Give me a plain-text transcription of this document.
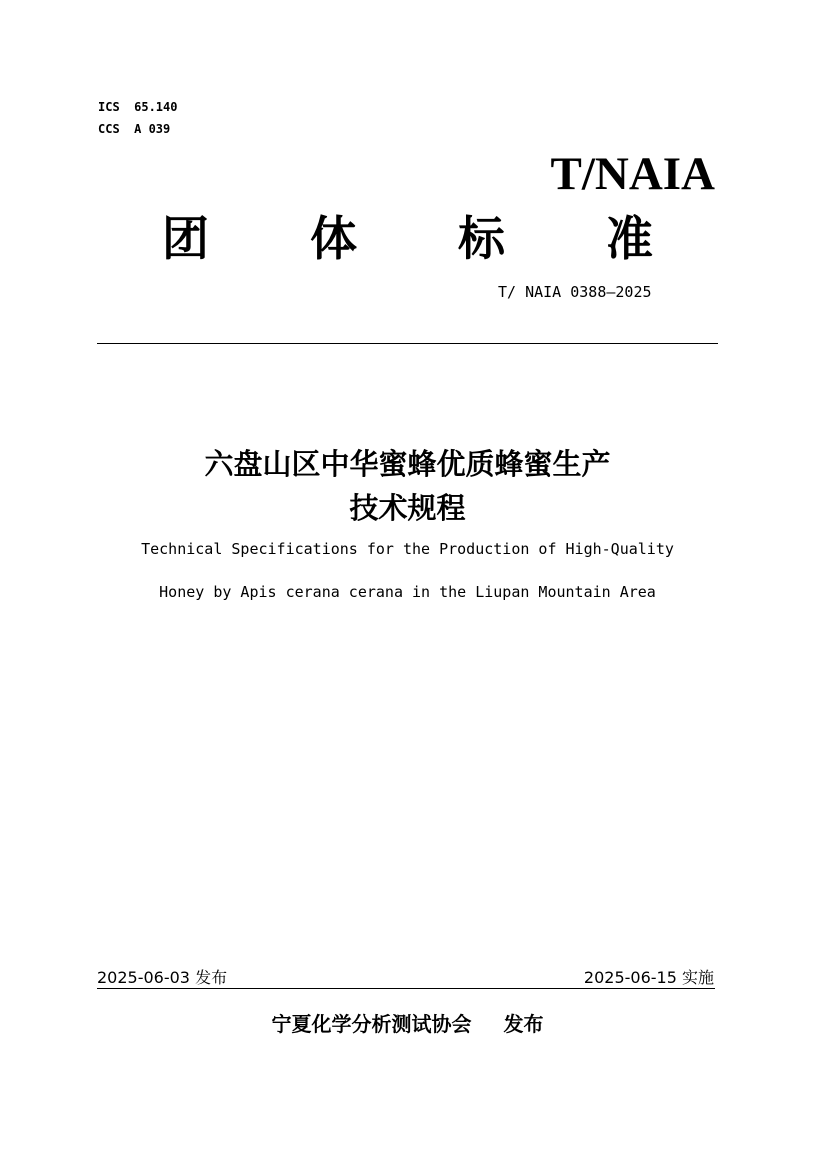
ICS  65.140
CCS  A 039
T/NAIA
团 体 标 准
T/ NAIA 0388—2025
六盘山区中华蜜蜂优质蜂蜜生产
技术规程
Technical Specifications for the Production of High-Quality
Honey by Apis cerana cerana in the Liupan Mountain Area
2025-06-03 发布	2025-06-15 实施
宁夏化学分析测试协会 发布
